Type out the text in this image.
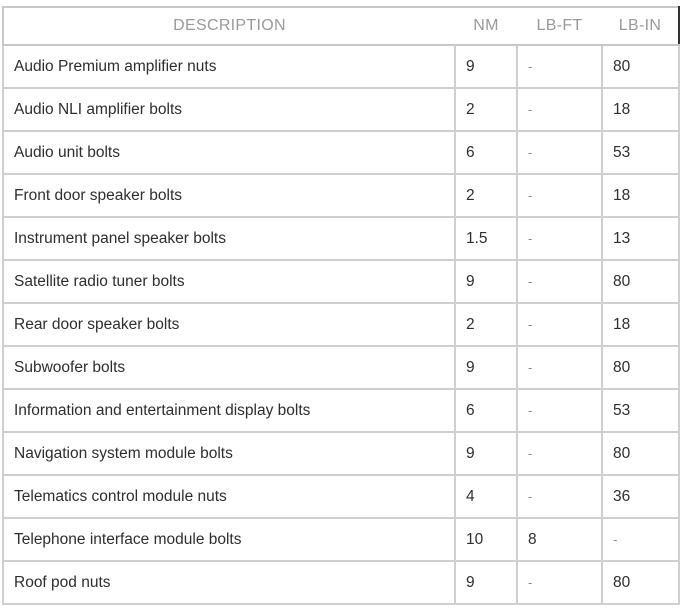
DESCRIPTION	NM	LB-FT	LB-IN
Audio Premium amplifier nuts	9	-	80
Audio NLI amplifier bolts	2	-	18
Audio unit bolts	6	-	53
Front door speaker bolts	2	-	18
Instrument panel speaker bolts	1.5	-	13
Satellite radio tuner bolts	9	-	80
Rear door speaker bolts	2	-	18
Subwoofer bolts	9	-	80
Information and entertainment display bolts	6	-	53
Navigation system module bolts	9	-	80
Telematics control module nuts	4	-	36
Telephone interface module bolts	10	8	-
Roof pod nuts	9	-	80
